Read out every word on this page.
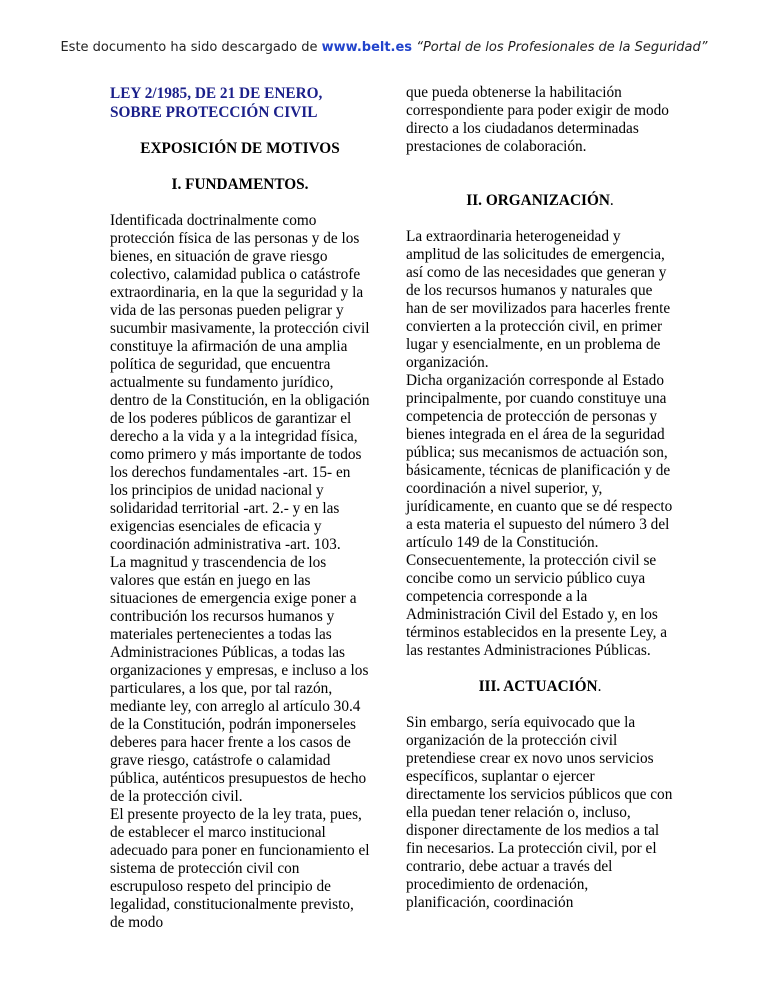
Este documento ha sido descargado de www.belt.es “Portal de los Profesionales de la Seguridad”

LEY 2/1985, DE 21 DE ENERO,
SOBRE PROTECCIÓN CIVIL

EXPOSICIÓN DE MOTIVOS

I. FUNDAMENTOS.

Identificada doctrinalmente como protección física de las personas y de los bienes, en situación de grave riesgo colectivo, calamidad publica o catástrofe extraordinaria, en la que la seguridad y la vida de las personas pueden peligrar y sucumbir masivamente, la protección civil constituye la afirmación de una amplia política de seguridad, que encuentra actualmente su fundamento jurídico, dentro de la Constitución, en la obligación de los poderes públicos de garantizar el derecho a la vida y a la integridad física, como primero y más importante de todos los derechos fundamentales -art. 15- en los principios de unidad nacional y solidaridad territorial -art. 2.- y en las exigencias esenciales de eficacia y coordinación administrativa -art. 103.

La magnitud y trascendencia de los valores que están en juego en las situaciones de emergencia exige poner a contribución los recursos humanos y materiales pertenecientes a todas las Administraciones Públicas, a todas las organizaciones y empresas, e incluso a los particulares, a los que, por tal razón, mediante ley, con arreglo al artículo 30.4 de la Constitución, podrán imponerseles deberes para hacer frente a los casos de grave riesgo, catástrofe o calamidad pública, auténticos presupuestos de hecho de la protección civil.

El presente proyecto de la ley trata, pues, de establecer el marco institucional adecuado para poner en funcionamiento el sistema de protección civil con escrupuloso respeto del principio de legalidad, constitucionalmente previsto, de modo

que pueda obtenerse la habilitación correspondiente para poder exigir de modo directo a los ciudadanos determinadas prestaciones de colaboración.

II. ORGANIZACIÓN.

La extraordinaria heterogeneidad y amplitud de las solicitudes de emergencia, así como de las necesidades que generan y de los recursos humanos y naturales que han de ser movilizados para hacerles frente convierten a la protección civil, en primer lugar y esencialmente, en un problema de organización.

Dicha organización corresponde al Estado principalmente, por cuando constituye una competencia de protección de personas y bienes integrada en el área de la seguridad pública; sus mecanismos de actuación son, básicamente, técnicas de planificación y de coordinación a nivel superior, y, jurídicamente, en cuanto que se dé respecto a esta materia el supuesto del número 3 del artículo 149 de la Constitución. Consecuentemente, la protección civil se concibe como un servicio público cuya competencia corresponde a la Administración Civil del Estado y, en los términos establecidos en la presente Ley, a las restantes Administraciones Públicas.

III. ACTUACIÓN.

Sin embargo, sería equivocado que la organización de la protección civil pretendiese crear ex novo unos servicios específicos, suplantar o ejercer directamente los servicios públicos que con ella puedan tener relación o, incluso, disponer directamente de los medios a tal fin necesarios. La protección civil, por el contrario, debe actuar a través del procedimiento de ordenación, planificación, coordinación
